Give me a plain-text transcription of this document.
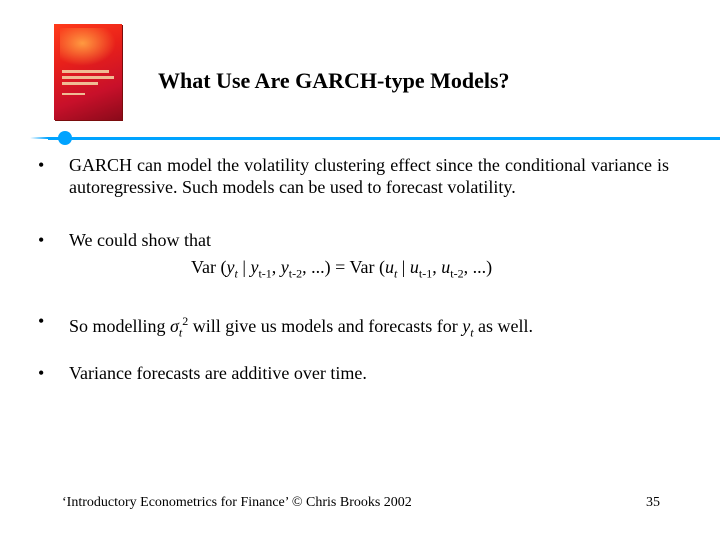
What Use Are GARCH-type Models?
• GARCH can model the volatility clustering effect since the conditional variance is autoregressive. Such models can be used to forecast volatility.
• We could show that
Var ($y_t$ | $y_{t-1}$, $y_{t-2}$, ...) = Var ($u_t$ | $u_{t-1}$, $u_{t-2}$, ...)
• So modelling $\sigma_t^2$ will give us models and forecasts for $y_t$ as well.
• Variance forecasts are additive over time.
‘Introductory Econometrics for Finance’ © Chris Brooks 2002	35
